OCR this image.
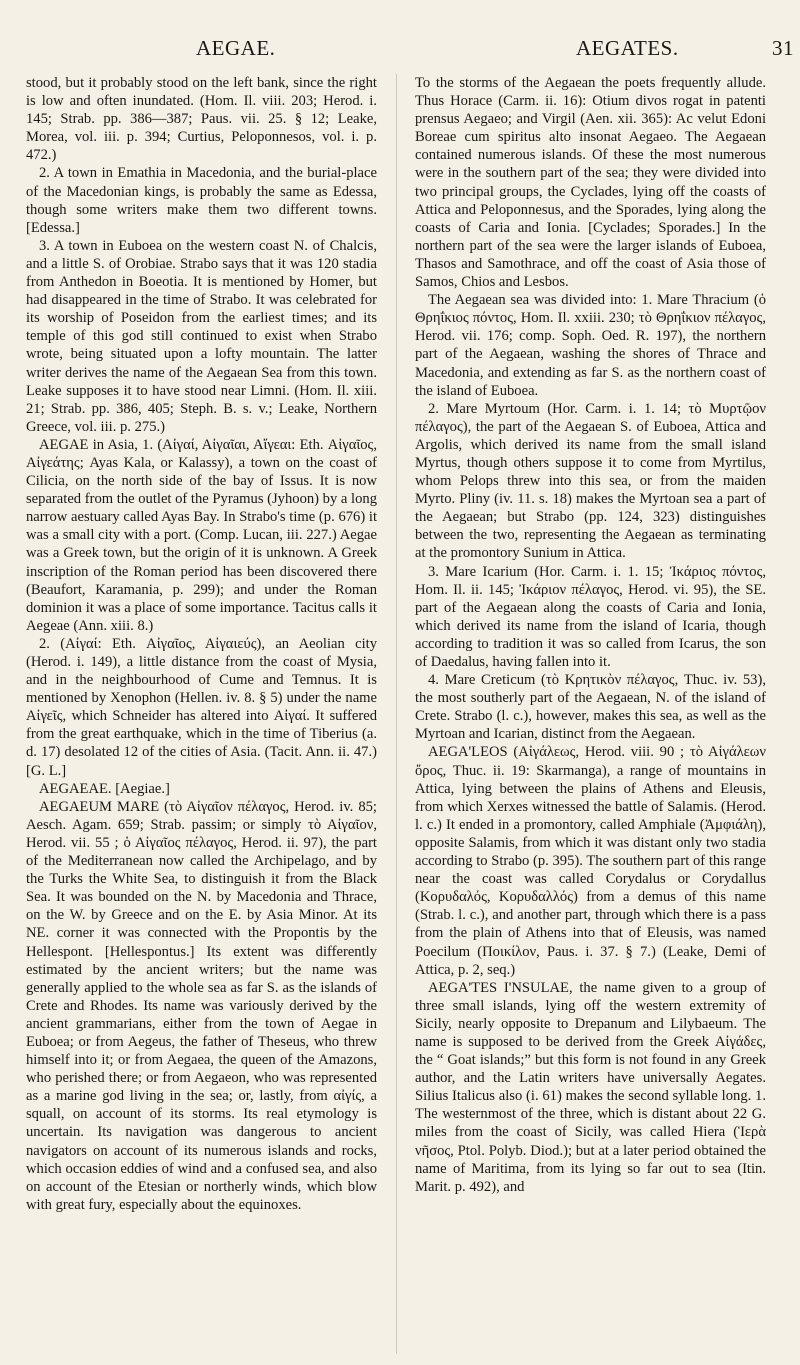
AEGAE.	AEGATES.	31

stood, but it probably stood on the left bank, since the right is low and often inundated. (Hom. Il. viii. 203; Herod. i. 145; Strab. pp. 386—387; Paus. vii. 25. § 12; Leake, Morea, vol. iii. p. 394; Curtius, Peloponnesos, vol. i. p. 472.)

2. A town in Emathia in Macedonia, and the burial-place of the Macedonian kings, is probably the same as Edessa, though some writers make them two different towns. [Edessa.]

3. A town in Euboea on the western coast N. of Chalcis, and a little S. of Orobiae. Strabo says that it was 120 stadia from Anthedon in Boeotia. It is mentioned by Homer, but had disappeared in the time of Strabo. It was celebrated for its worship of Poseidon from the earliest times; and its temple of this god still continued to exist when Strabo wrote, being situated upon a lofty mountain. The latter writer derives the name of the Aegaean Sea from this town. Leake supposes it to have stood near Limni. (Hom. Il. xiii. 21; Strab. pp. 386, 405; Steph. B. s. v.; Leake, Northern Greece, vol. iii. p. 275.)

AEGAE in Asia, 1. (Αἰγαί, Αἰγαῖαι, Αἴγεαι: Eth. Αἰγαῖος, Αἰγεάτης; Ayas Kala, or Kalassy), a town on the coast of Cilicia, on the north side of the bay of Issus. It is now separated from the outlet of the Pyramus (Jyhoon) by a long narrow aestuary called Ayas Bay. In Strabo's time (p. 676) it was a small city with a port. (Comp. Lucan, iii. 227.) Aegae was a Greek town, but the origin of it is unknown. A Greek inscription of the Roman period has been discovered there (Beaufort, Karamania, p. 299); and under the Roman dominion it was a place of some importance. Tacitus calls it Aegeae (Ann. xiii. 8.)

2. (Αἰγαί: Eth. Αἰγαῖος, Αἰγαιεύς), an Aeolian city (Herod. i. 149), a little distance from the coast of Mysia, and in the neighbourhood of Cume and Temnus. It is mentioned by Xenophon (Hellen. iv. 8. § 5) under the name Αἰγεῖς, which Schneider has altered into Αἰγαί. It suffered from the great earthquake, which in the time of Tiberius (a. d. 17) desolated 12 of the cities of Asia. (Tacit. Ann. ii. 47.) [G. L.]

AEGAEAE. [Aegiae.]

AEGAEUM MARE (τὸ Αἰγαῖον πέλαγος, Herod. iv. 85; Aesch. Agam. 659; Strab. passim; or simply τὸ Αἰγαῖον, Herod. vii. 55 ; ὁ Αἰγαῖος πέλαγος, Herod. ii. 97), the part of the Mediterranean now called the Archipelago, and by the Turks the White Sea, to distinguish it from the Black Sea. It was bounded on the N. by Macedonia and Thrace, on the W. by Greece and on the E. by Asia Minor. At its NE. corner it was connected with the Propontis by the Hellespont. [Hellespontus.] Its extent was differently estimated by the ancient writers; but the name was generally applied to the whole sea as far S. as the islands of Crete and Rhodes. Its name was variously derived by the ancient grammarians, either from the town of Aegae in Euboea; or from Aegeus, the father of Theseus, who threw himself into it; or from Aegaea, the queen of the Amazons, who perished there; or from Aegaeon, who was represented as a marine god living in the sea; or, lastly, from αἰγίς, a squall, on account of its storms. Its real etymology is uncertain. Its navigation was dangerous to ancient navigators on account of its numerous islands and rocks, which occasion eddies of wind and a confused sea, and also on account of the Etesian or northerly winds, which blow with great fury, especially about the equinoxes.

To the storms of the Aegaean the poets frequently allude. Thus Horace (Carm. ii. 16): Otium divos rogat in patenti prensus Aegaeo; and Virgil (Aen. xii. 365): Ac velut Edoni Boreae cum spiritus alto insonat Aegaeo. The Aegaean contained numerous islands. Of these the most numerous were in the southern part of the sea; they were divided into two principal groups, the Cyclades, lying off the coasts of Attica and Peloponnesus, and the Sporades, lying along the coasts of Caria and Ionia. [Cyclades; Sporades.] In the northern part of the sea were the larger islands of Euboea, Thasos and Samothrace, and off the coast of Asia those of Samos, Chios and Lesbos.

The Aegaean sea was divided into: 1. Mare Thracium (ὁ Θρηΐκιος πόντος, Hom. Il. xxiii. 230; τὸ Θρηΐκιον πέλαγος, Herod. vii. 176; comp. Soph. Oed. R. 197), the northern part of the Aegaean, washing the shores of Thrace and Macedonia, and extending as far S. as the northern coast of the island of Euboea.

2. Mare Myrtoum (Hor. Carm. i. 1. 14; τὸ Μυρτῷον πέλαγος), the part of the Aegaean S. of Euboea, Attica and Argolis, which derived its name from the small island Myrtus, though others suppose it to come from Myrtilus, whom Pelops threw into this sea, or from the maiden Myrto. Pliny (iv. 11. s. 18) makes the Myrtoan sea a part of the Aegaean; but Strabo (pp. 124, 323) distinguishes between the two, representing the Aegaean as terminating at the promontory Sunium in Attica.

3. Mare Icarium (Hor. Carm. i. 1. 15; Ἰκάριος πόντος, Hom. Il. ii. 145; Ἰκάριον πέλαγος, Herod. vi. 95), the SE. part of the Aegaean along the coasts of Caria and Ionia, which derived its name from the island of Icaria, though according to tradition it was so called from Icarus, the son of Daedalus, having fallen into it.

4. Mare Creticum (τὸ Κρητικὸν πέλαγος, Thuc. iv. 53), the most southerly part of the Aegaean, N. of the island of Crete. Strabo (l. c.), however, makes this sea, as well as the Myrtoan and Icarian, distinct from the Aegaean.

AEGA'LEOS (Αἰγάλεως, Herod. viii. 90 ; τὸ Αἰγάλεων ὄρος, Thuc. ii. 19: Skarmanga), a range of mountains in Attica, lying between the plains of Athens and Eleusis, from which Xerxes witnessed the battle of Salamis. (Herod. l. c.) It ended in a promontory, called Amphiale (Ἀμφιάλη), opposite Salamis, from which it was distant only two stadia according to Strabo (p. 395). The southern part of this range near the coast was called Corydalus or Corydallus (Κορυδαλός, Κορυδαλλός) from a demus of this name (Strab. l. c.), and another part, through which there is a pass from the plain of Athens into that of Eleusis, was named Poecilum (Ποικίλον, Paus. i. 37. § 7.) (Leake, Demi of Attica, p. 2, seq.)

AEGA'TES I'NSULAE, the name given to a group of three small islands, lying off the western extremity of Sicily, nearly opposite to Drepanum and Lilybaeum. The name is supposed to be derived from the Greek Αἰγάδες, the “ Goat islands;” but this form is not found in any Greek author, and the Latin writers have universally Aegates. Silius Italicus also (i. 61) makes the second syllable long. 1. The westernmost of the three, which is distant about 22 G. miles from the coast of Sicily, was called Hiera (Ἱερὰ νῆσος, Ptol. Polyb. Diod.); but at a later period obtained the name of Maritima, from its lying so far out to sea (Itin. Marit. p. 492), and
